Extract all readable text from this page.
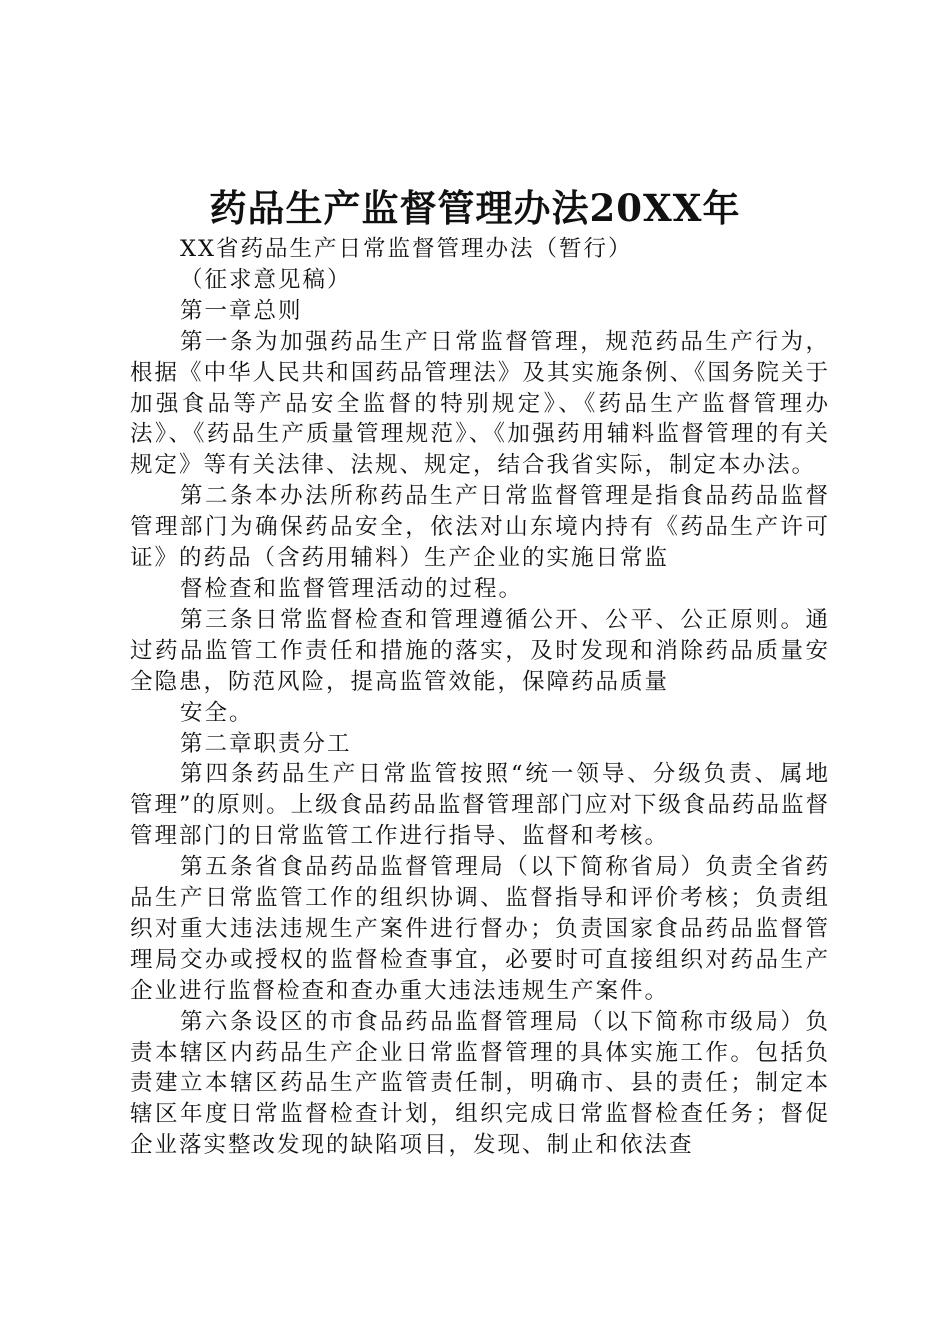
药品生产监督管理办法20XX年

XX省药品生产日常监督管理办法（暂行）

（征求意见稿）

第一章总则

第一条为加强药品生产日常监督管理，规范药品生产行为，根据《中华人民共和国药品管理法》及其实施条例、《国务院关于加强食品等产品安全监督的特别规定》、《药品生产监督管理办法》、《药品生产质量管理规范》、《加强药用辅料监督管理的有关规定》等有关法律、法规、规定，结合我省实际，制定本办法。

第二条本办法所称药品生产日常监督管理是指食品药品监督管理部门为确保药品安全，依法对山东境内持有《药品生产许可证》的药品（含药用辅料）生产企业的实施日常监

督检查和监督管理活动的过程。

第三条日常监督检查和管理遵循公开、公平、公正原则。通过药品监管工作责任和措施的落实，及时发现和消除药品质量安全隐患，防范风险，提高监管效能，保障药品质量

安全。

第二章职责分工

第四条药品生产日常监管按照“统一领导、分级负责、属地管理”的原则。上级食品药品监督管理部门应对下级食品药品监督管理部门的日常监管工作进行指导、监督和考核。

第五条省食品药品监督管理局（以下简称省局）负责全省药品生产日常监管工作的组织协调、监督指导和评价考核；负责组织对重大违法违规生产案件进行督办；负责国家食品药品监督管理局交办或授权的监督检查事宜，必要时可直接组织对药品生产企业进行监督检查和查办重大违法违规生产案件。

第六条设区的市食品药品监督管理局（以下简称市级局）负责本辖区内药品生产企业日常监督管理的具体实施工作。包括负责建立本辖区药品生产监管责任制，明确市、县的责任；制定本辖区年度日常监督检查计划，组织完成日常监督检查任务；督促企业落实整改发现的缺陷项目，发现、制止和依法查
